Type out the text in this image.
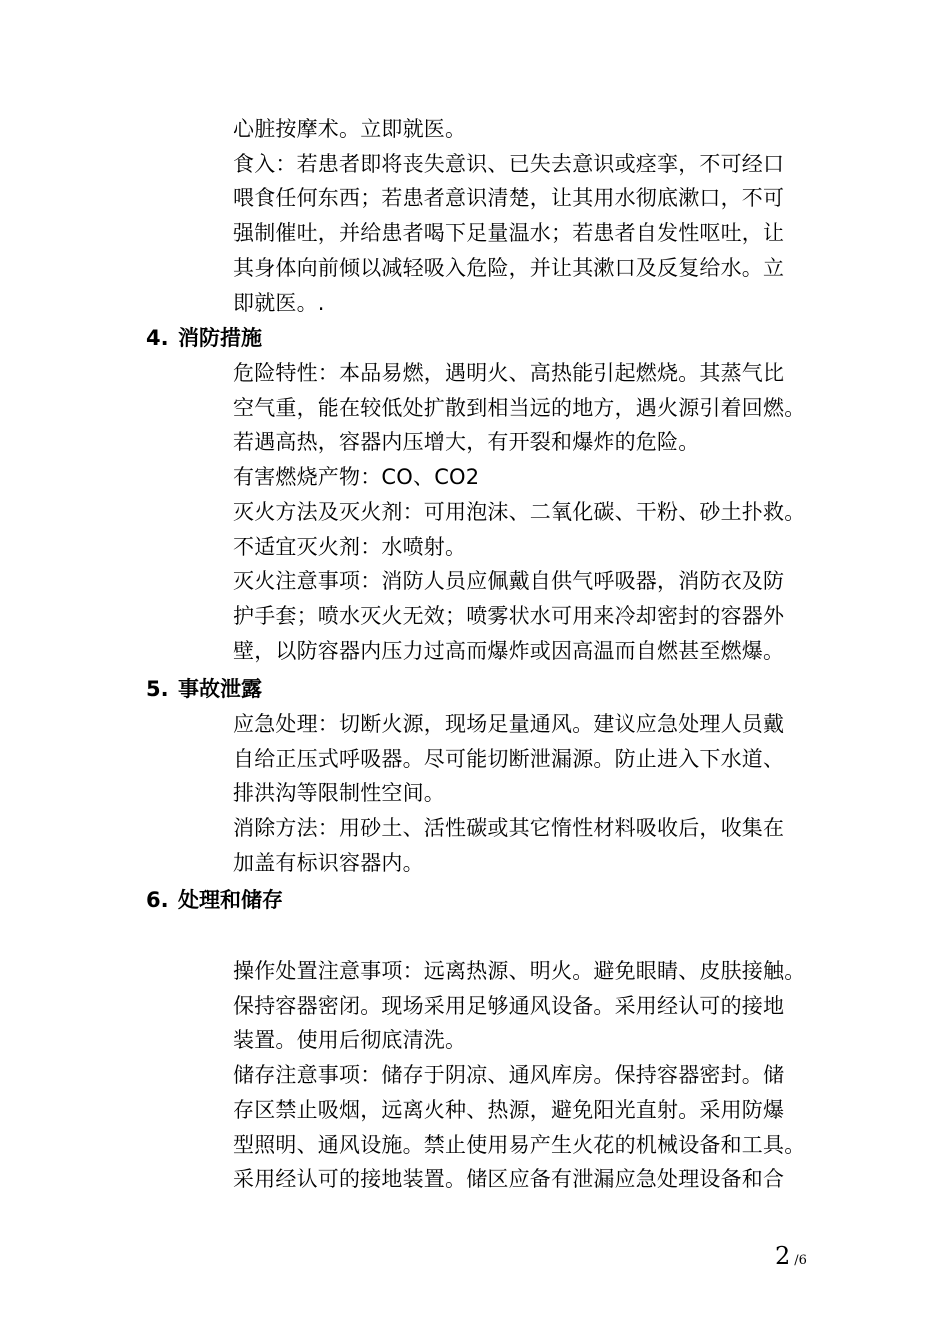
心脏按摩术。立即就医。

食入：若患者即将丧失意识、已失去意识或痉挛，不可经口

喂食任何东西；若患者意识清楚，让其用水彻底漱口，不可

强制催吐，并给患者喝下足量温水；若患者自发性呕吐，让

其身体向前倾以减轻吸入危险，并让其漱口及反复给水。立

即就医。.

4. 消防措施

危险特性：本品易燃，遇明火、高热能引起燃烧。其蒸气比

空气重，能在较低处扩散到相当远的地方，遇火源引着回燃。

若遇高热，容器内压增大，有开裂和爆炸的危险。

有害燃烧产物：CO、CO2

灭火方法及灭火剂：可用泡沫、二氧化碳、干粉、砂土扑救。

不适宜灭火剂：水喷射。

灭火注意事项：消防人员应佩戴自供气呼吸器，消防衣及防

护手套；喷水灭火无效；喷雾状水可用来冷却密封的容器外

壁，以防容器内压力过高而爆炸或因高温而自燃甚至燃爆。

5. 事故泄露

应急处理：切断火源，现场足量通风。建议应急处理人员戴

自给正压式呼吸器。尽可能切断泄漏源。防止进入下水道、

排洪沟等限制性空间。

消除方法：用砂土、活性碳或其它惰性材料吸收后，收集在

加盖有标识容器内。

6. 处理和储存

操作处置注意事项：远离热源、明火。避免眼睛、皮肤接触。

保持容器密闭。现场采用足够通风设备。采用经认可的接地

装置。使用后彻底清洗。

储存注意事项：储存于阴凉、通风库房。保持容器密封。储

存区禁止吸烟，远离火种、热源，避免阳光直射。采用防爆

型照明、通风设施。禁止使用易产生火花的机械设备和工具。

采用经认可的接地装置。储区应备有泄漏应急处理设备和合

2 /6
